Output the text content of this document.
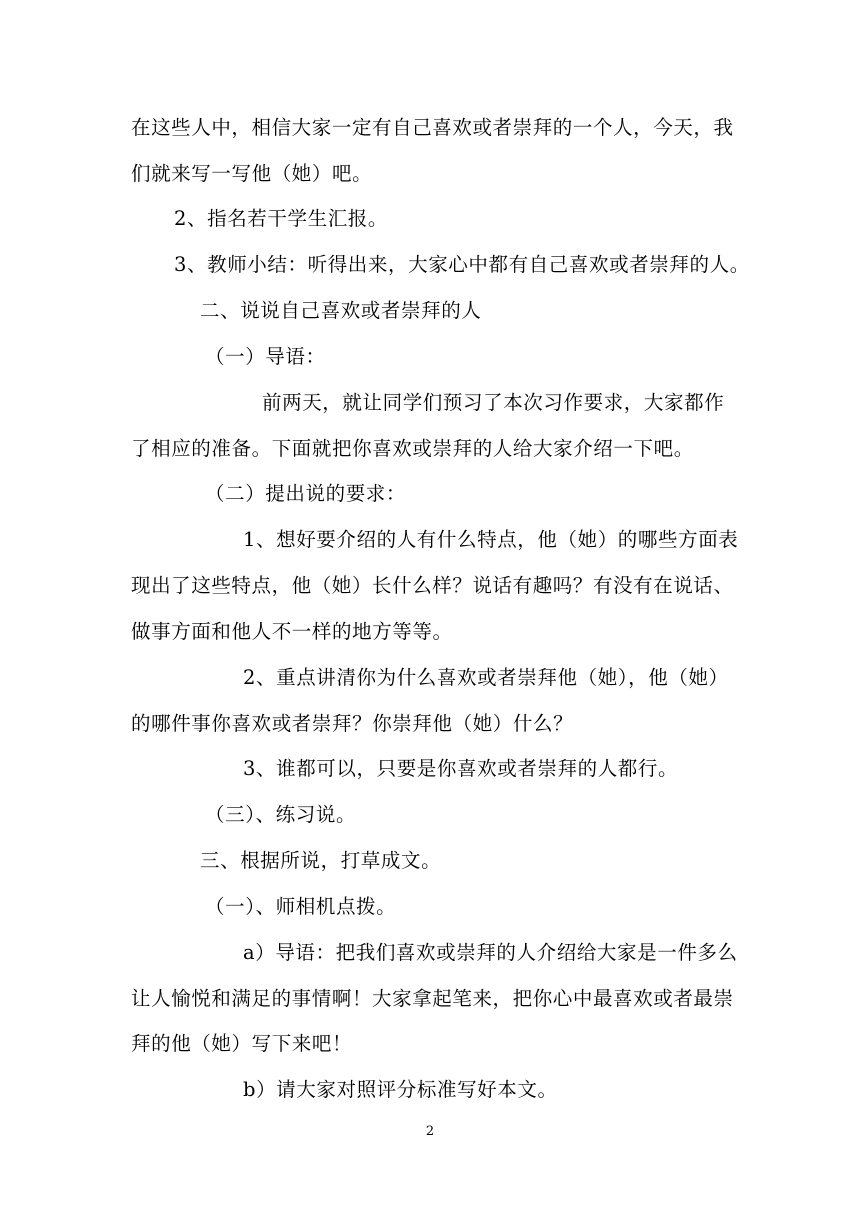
在这些人中，相信大家一定有自己喜欢或者崇拜的一个人，今天，我
们就来写一写他（她）吧。
2、指名若干学生汇报。
3、教师小结：听得出来，大家心中都有自己喜欢或者崇拜的人。
二、说说自己喜欢或者崇拜的人
（一）导语：
前两天，就让同学们预习了本次习作要求，大家都作
了相应的准备。下面就把你喜欢或崇拜的人给大家介绍一下吧。
（二）提出说的要求：
1、想好要介绍的人有什么特点，他（她）的哪些方面表
现出了这些特点，他（她）长什么样？说话有趣吗？有没有在说话、
做事方面和他人不一样的地方等等。
2、重点讲清你为什么喜欢或者崇拜他（她），他（她）
的哪件事你喜欢或者崇拜？你崇拜他（她）什么？
3、谁都可以，只要是你喜欢或者崇拜的人都行。
（三）、练习说。
三、根据所说，打草成文。
（一）、师相机点拨。
a）导语：把我们喜欢或崇拜的人介绍给大家是一件多么
让人愉悦和满足的事情啊！大家拿起笔来，把你心中最喜欢或者最崇
拜的他（她）写下来吧！
b）请大家对照评分标准写好本文。
2
